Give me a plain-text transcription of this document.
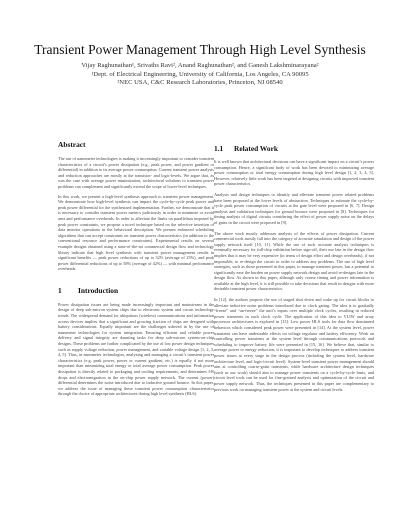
Transient Power Management Through High Level Synthesis
Vijay Raghunathan¹, Srivaths Ravi², Anand Raghunathan², and Ganesh Lakshminarayana²
¹Dept. of Electrical Engineering, University of California, Los Angeles, CA 90095
²NEC USA, C&C Research Laboratories, Princeton, NJ 08540
Abstract

The use of nanometer technologies is making it increasingly important to consider transient characteristics of a circuit’s power dissipation (e.g., peak power, and power gradient or differential) in addition to its average power consumption. Current transient power analysis and reduction approaches are mostly at the transistor- and logic-levels. We argue that, as was the case with average power minimization, architectural solutions to transient power problems can complement and significantly extend the scope of lower-level techniques.

In this work, we present a high-level synthesis approach to transient power management. We demonstrate how high-level synthesis can impact the cycle-by-cycle peak power and peak power differential for the synthesized implementation. Further, we demonstrate that it is necessary to consider transient power metrics judiciously in order to minimize or avoid area and performance overheads. In order to alleviate the limits on parallelism imposed by peak power constraints, we propose a novel technique based on the selective insertion of data monitor operations in the behavioral description. We present enhanced scheduling algorithms that can accept constraints on transient power characteristics (in addition to the conventional resource and performance constraints). Experimental results on several example designs obtained using a state-of-the-art commercial design flow and technology library indicate that high level synthesis with transient power management results in significant benefits — peak power reductions of up to 32% (average of 25%), and peak power differential reductions of up to 58% (average of 42%) — with minimal performance overheads.

1 Introduction

Power dissipation issues are being made increasingly important and mainstream in the design of deep sub-micron system chips due to electronic system and circuit technology trends. The widespread demand for ubiquitous (wireless) communications and information access devices implies that a significant and growing fraction of chips are designed with battery considerations. Equally important are the challenges ushered in by the use of nanometer technologies for system integration. Ensuring efficient and reliable power delivery and signal integrity are daunting tasks for deep sub-micron system-on-chip designs. These problems are further complicated by the use of low power design techniques such as supply voltage reduction, power management, and variable voltage design [1, 2, 3, 4, 5]. Thus, in nanometer technologies, analyzing and managing a circuit’s transient power characteristics (e.g. peak power, power or current gradient, etc.) is equally if not more important than minimizing total energy or total average power consumption. Peak power dissipation is directly related to packaging and cooling requirements, and determines I-R drops and electromigration in the on-chip power supply network. The current (power) differential determines the noise introduced due to inductive ground bounce. In this paper, we address the issue of managing these transient power consumption characteristics through the choice of appropriate architectures during high level synthesis (HLS).

1.1 Related Work

It is well known that architectural decisions can have a significant impact on a circuit’s power consumption. Hence, a significant body of work has been devoted to minimizing average power consumption or total energy consumption during high level design [1, 2, 3, 4, 5]. However, relatively little work has been targeted at designing circuits with improved transient power characteristics.

Analysis and design techniques to identify and alleviate transient power related problems have been proposed at the lower levels of abstraction. Techniques to estimate the cycle-by-cycle peak power consumption of circuits at the gate level were proposed in [6, 7]. Design analysis and validation techniques for ground bounce were proposed in [8]. Techniques for timing analysis of digital circuits considering the effect of power supply noise on the delays of gates in the circuit were proposed in [9].

The above work mostly addresses analysis of the effects of power dissipation. Current commercial tools mostly fall into the category of accurate simulation and design of the power supply network itself [10, 11]. While the use of such accurate analysis techniques is eventually necessary for full-chip validation before sign-off, their use late in the design flow implies that it may be very expensive (in terms of design effort and design overheads), if not impossible, to re-design the circuit in order to address any problems. The use of high level strategies, such as those presented in this paper, to manage transient power, has a potential to significantly ease the burden on power supply network design and avoid re-designs late in the design flow. As shown in this paper, although only coarse timing and power information is available at the high level, it is still possible to take decisions that result in designs with more desirable transient power characteristics.

In [12], the authors propose the use of staged shut down and wake up for circuit blocks to alleviate inductive noise problems introduced due to clock gating. The idea is to gradually “freeze” and “un-freeze” the unit’s inputs over multiple clock cycles, resulting in reduced power transients in each clock cycle. The application of this idea to VLIW and array processor architectures is explored in [13]. Low power HLS tools for data flow dominated behaviors which considered peak power were presented in [14]. At the system level, power transients can have undesirable effects on voltage regulator and battery efficiency. Work on controlling power transients at the system level through communications protocols and scheduling to improve battery life were presented in [15, 16]. We believe that, similar to average power or energy reduction, it is important to develop techniques to address transient power issues at every stage in the design process (including the system level, hardware architecture level, and logic/circuit level). System-level transient power management should aim at controlling coarse-grain transients, while hardware architecture design techniques (such as our work) should aim to manage power transients on a cycle-by-cycle basis, and circuit level tools can be used for fine-grained analysis and optimization of the circuit and power supply network. Thus, the techniques presented in this paper are complementary to previous work on managing transient power at the system and circuit levels.
